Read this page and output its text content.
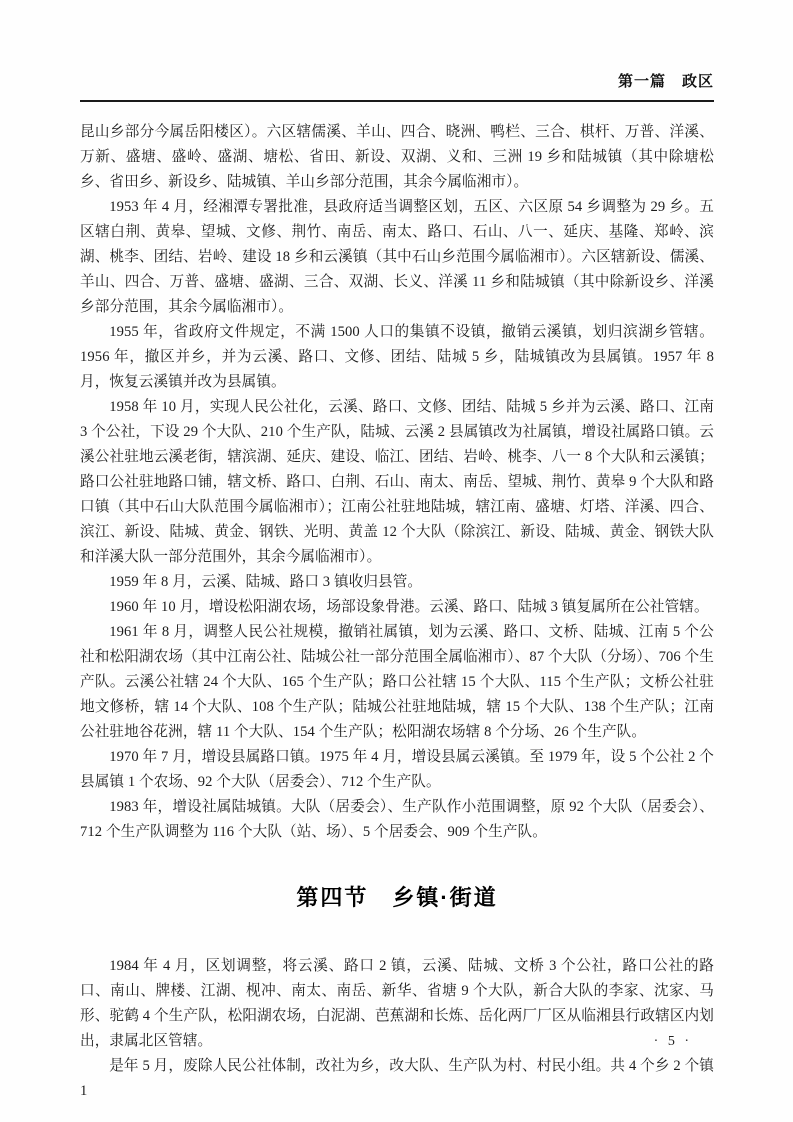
第一篇　政区

昆山乡部分今属岳阳楼区）。六区辖儒溪、羊山、四合、晓洲、鸭栏、三合、棋杆、万普、洋溪、万新、盛塘、盛岭、盛湖、塘松、省田、新设、双湖、义和、三洲 19 乡和陆城镇（其中除塘松乡、省田乡、新设乡、陆城镇、羊山乡部分范围，其余今属临湘市）。

1953 年 4 月，经湘潭专署批准，县政府适当调整区划，五区、六区原 54 乡调整为 29 乡。五区辖白荆、黄皋、望城、文修、荆竹、南岳、南太、路口、石山、八一、延庆、基隆、郑岭、滨湖、桃李、团结、岩岭、建设 18 乡和云溪镇（其中石山乡范围今属临湘市）。六区辖新设、儒溪、羊山、四合、万普、盛塘、盛湖、三合、双湖、长义、洋溪 11 乡和陆城镇（其中除新设乡、洋溪乡部分范围，其余今属临湘市）。

1955 年，省政府文件规定，不满 1500 人口的集镇不设镇，撤销云溪镇，划归滨湖乡管辖。1956 年，撤区并乡，并为云溪、路口、文修、团结、陆城 5 乡，陆城镇改为县属镇。1957 年 8 月，恢复云溪镇并改为县属镇。

1958 年 10 月，实现人民公社化，云溪、路口、文修、团结、陆城 5 乡并为云溪、路口、江南 3 个公社，下设 29 个大队、210 个生产队，陆城、云溪 2 县属镇改为社属镇，增设社属路口镇。云溪公社驻地云溪老街，辖滨湖、延庆、建设、临江、团结、岩岭、桃李、八一 8 个大队和云溪镇；路口公社驻地路口铺，辖文桥、路口、白荆、石山、南太、南岳、望城、荆竹、黄皋 9 个大队和路口镇（其中石山大队范围今属临湘市）；江南公社驻地陆城，辖江南、盛塘、灯塔、洋溪、四合、滨江、新设、陆城、黄金、钢铁、光明、黄盖 12 个大队（除滨江、新设、陆城、黄金、钢铁大队和洋溪大队一部分范围外，其余今属临湘市）。

1959 年 8 月，云溪、陆城、路口 3 镇收归县管。

1960 年 10 月，增设松阳湖农场，场部设象骨港。云溪、路口、陆城 3 镇复属所在公社管辖。

1961 年 8 月，调整人民公社规模，撤销社属镇，划为云溪、路口、文桥、陆城、江南 5 个公社和松阳湖农场（其中江南公社、陆城公社一部分范围全属临湘市）、87 个大队（分场）、706 个生产队。云溪公社辖 24 个大队、165 个生产队；路口公社辖 15 个大队、115 个生产队；文桥公社驻地文修桥，辖 14 个大队、108 个生产队；陆城公社驻地陆城，辖 15 个大队、138 个生产队；江南公社驻地谷花洲，辖 11 个大队、154 个生产队；松阳湖农场辖 8 个分场、26 个生产队。

1970 年 7 月，增设县属路口镇。1975 年 4 月，增设县属云溪镇。至 1979 年，设 5 个公社 2 个县属镇 1 个农场、92 个大队（居委会）、712 个生产队。

1983 年，增设社属陆城镇。大队（居委会）、生产队作小范围调整，原 92 个大队（居委会）、712 个生产队调整为 116 个大队（站、场）、5 个居委会、909 个生产队。

第四节　乡镇·街道

1984 年 4 月，区划调整，将云溪、路口 2 镇，云溪、陆城、文桥 3 个公社，路口公社的路口、南山、牌楼、江湖、枧冲、南太、南岳、新华、省塘 9 个大队，新合大队的李家、沈家、马形、驼鹤 4 个生产队，松阳湖农场，白泥湖、芭蕉湖和长炼、岳化两厂厂区从临湘县行政辖区内划出，隶属北区管辖。

是年 5 月，废除人民公社体制，改社为乡，改大队、生产队为村、村民小组。共 4 个乡 2 个镇 1

· 5 ·
